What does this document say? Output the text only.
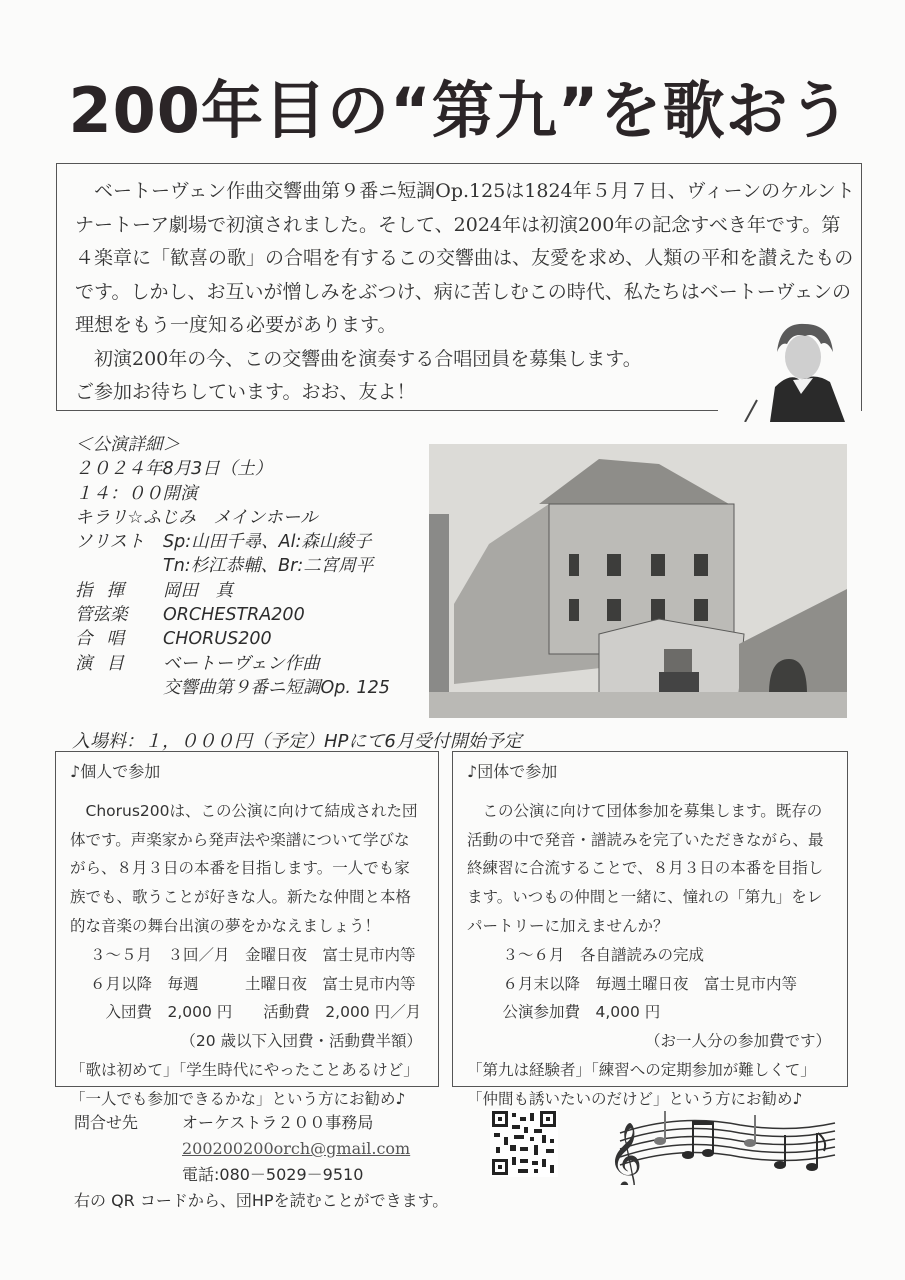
200年目の“第九”を歌おう

ベートーヴェン作曲交響曲第９番ニ短調Op.125は1824年５月７日、ヴィーンのケルントナートーア劇場で初演されました。そして、2024年は初演200年の記念すべき年です。第４楽章に「歓喜の歌」の合唱を有するこの交響曲は、友愛を求め、人類の平和を讃えたものです。しかし、お互いが憎しみをぶつけ、病に苦しむこの時代、私たちはベートーヴェンの理想をもう一度知る必要があります。

初演200年の今、この交響曲を演奏する合唱団員を募集します。

ご参加お待ちしています。おお、友よ！

＜公演詳細＞
２０２４年8月3日（土）
１４：００開演
キラリ☆ふじみ　メインホール
ソリスト	Sp:山田千尋、Al:森山綾子
Tn:杉江恭輔、Br:二宮周平
指揮	岡田　真
管弦楽	ORCHESTRA200
合唱	CHORUS200
演目	ベートーヴェン作曲
交響曲第９番ニ短調Op. 125
入場料：１，０００円（予定）HPにて6月受付開始予定
♪個人で参加

Chorus200は、この公演に向けて結成された団体です。声楽家から発声法や楽譜について学びながら、８月３日の本番を目指します。一人でも家族でも、歌うことが好きな人。新たな仲間と本格的な音楽の舞台出演の夢をかなえましょう！

３～５月　３回／月　金曜日夜　富士見市内等

６月以降　毎週　　　土曜日夜　富士見市内等

　入団費　2,000 円　　活動費　2,000 円／月

（20 歳以下入団費・活動費半額）

「歌は初めて」「学生時代にやったことあるけど」

「一人でも参加できるかな」という方にお勧め♪

♪団体で参加

この公演に向けて団体参加を募集します。既存の活動の中で発音・譜読みを完了いただきながら、最終練習に合流することで、８月３日の本番を目指します。いつもの仲間と一緒に、憧れの「第九」をレパートリーに加えませんか？

　３～６月　各自譜読みの完成

　６月末以降　毎週土曜日夜　富士見市内等

　公演参加費　4,000 円

（お一人分の参加費です）

「第九は経験者」「練習への定期参加が難しくて」

「仲間も誘いたいのだけど」という方にお勧め♪

問合せ先	オーケストラ２００事務局
200200200orch@gmail.com
電話:080－5029－9510
右の QR コードから、団HPを読むことができます。
𝄞
